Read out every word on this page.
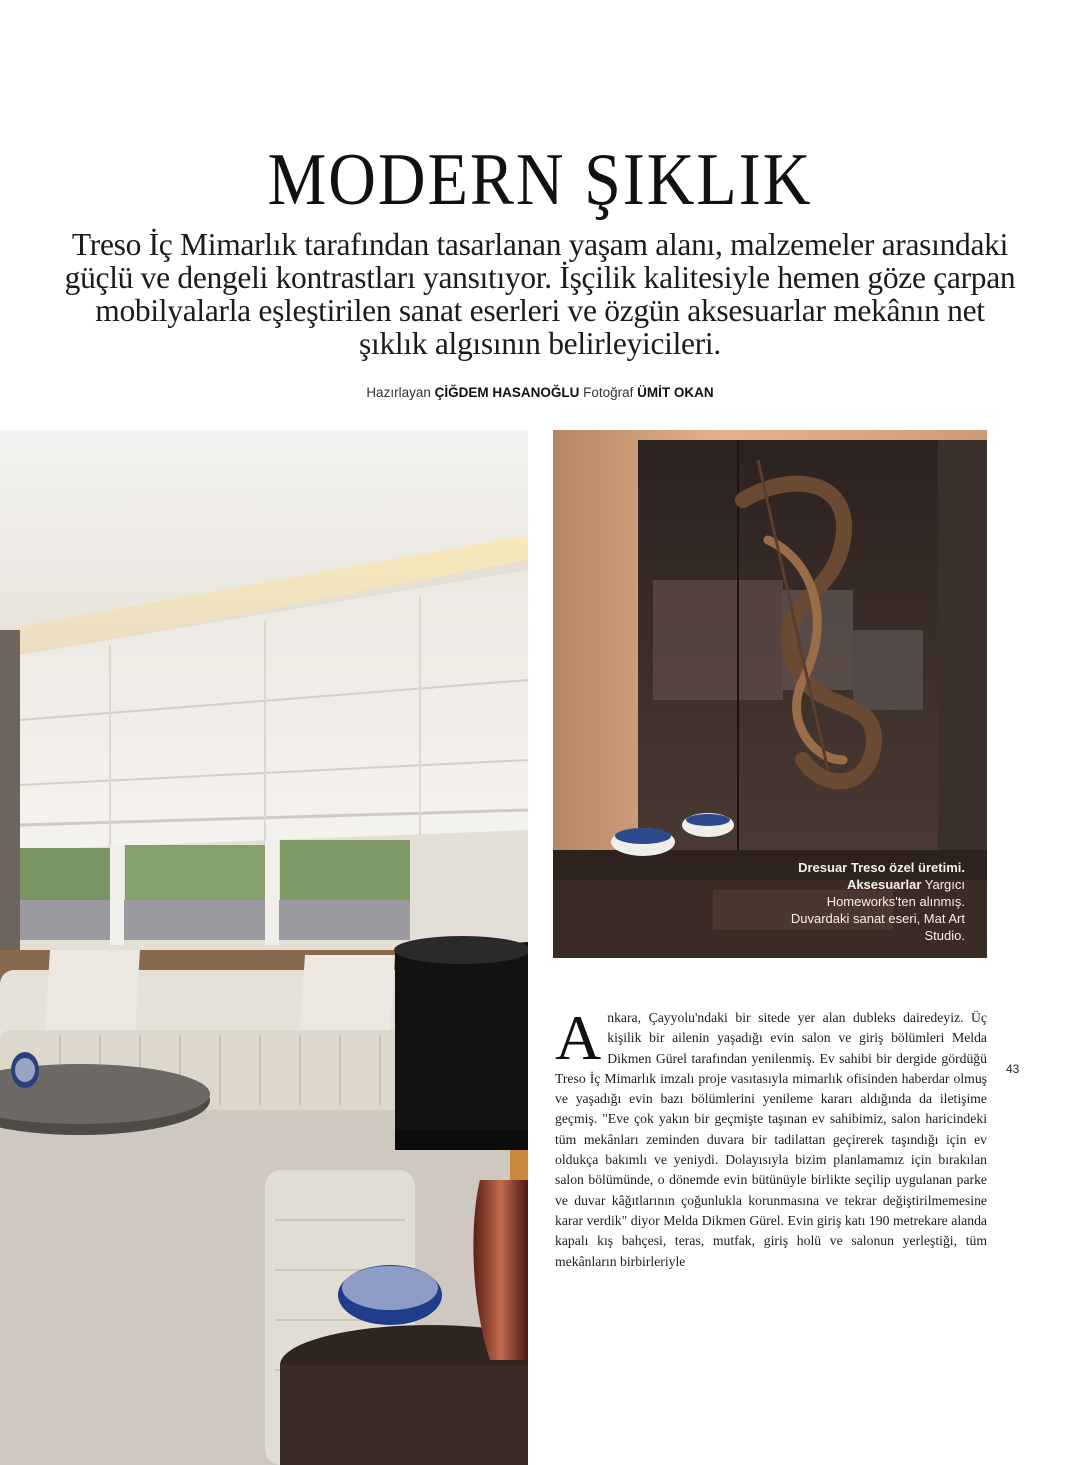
MODERN ŞIKLIK

Treso İç Mimarlık tarafından tasarlanan yaşam alanı, malzemeler arasındaki güçlü ve dengeli kontrastları yansıtıyor. İşçilik kalitesiyle hemen göze çarpan mobilyalarla eşleştirilen sanat eserleri ve özgün aksesuarlar mekânın net şıklık algısının belirleyicileri.

Hazırlayan ÇİĞDEM HASANOĞLU Fotoğraf ÜMİT OKAN
Dresuar Treso özel üretimi. Aksesuarlar Yargıcı Homeworks'ten alınmış. Duvardaki sanat eseri, Mat Art Studio.
A nkara, Çayyolu'ndaki bir sitede yer alan dubleks dairedeyiz. Üç kişilik bir ailenin yaşadığı evin salon ve giriş bölümleri Melda Dikmen Gürel tarafından yenilenmiş. Ev sahibi bir dergide gördüğü Treso İç Mimarlık imzalı proje vasıtasıyla mimarlık ofisinden haberdar olmuş ve yaşadığı evin bazı bölümlerini yenileme kararı aldığında da iletişime geçmiş. "Eve çok yakın bir geçmişte taşınan ev sahibimiz, salon haricindeki tüm mekânları zeminden duvara bir tadilattan geçirerek taşındığı için ev oldukça bakımlı ve yeniydi. Dolayısıyla bizim planlamamız için bırakılan salon bölümünde, o dönemde evin bütünüyle birlikte seçilip uygulanan parke ve duvar kâğıtlarının çoğunlukla korunmasına ve tekrar değiştirilmemesine karar verdik" diyor Melda Dikmen Gürel. Evin giriş katı 190 metrekare alanda kapalı kış bahçesi, teras, mutfak, giriş holü ve salonun yerleştiği, tüm mekânların birbirleriyle
43
